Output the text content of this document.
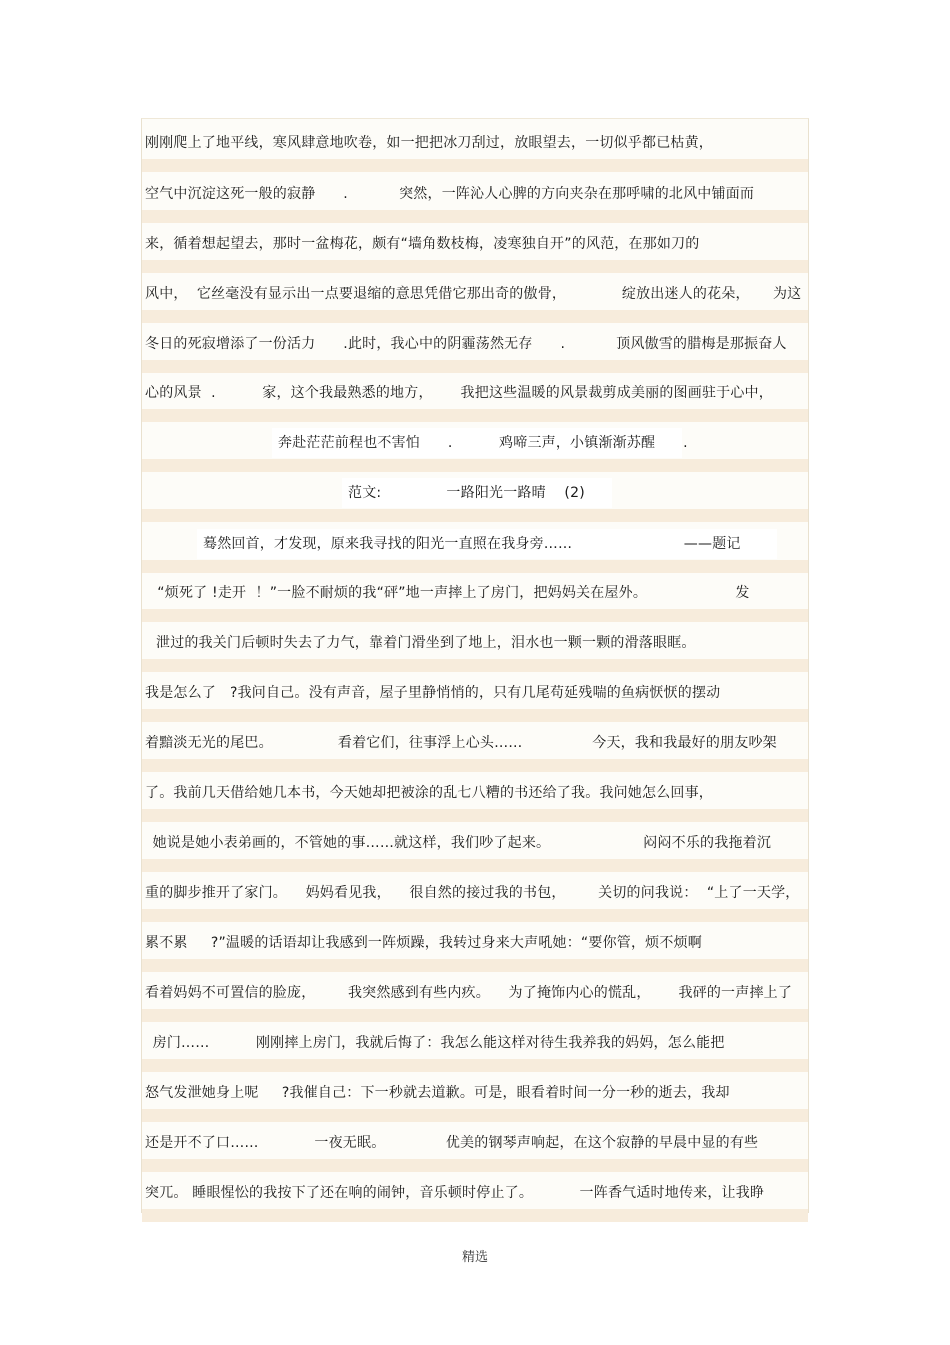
刚刚爬上了地平线，寒风肆意地吹卷，如一把把冰刀刮过，放眼望去，一切似乎都已枯黄，
空气中沉淀这死一般的寂静      .           突然，一阵沁人心脾的方向夹杂在那呼啸的北风中铺面而
来，循着想起望去，那时一盆梅花，颇有“墙角数枝梅，凌寒独自开”的风范，在那如刀的
风中，  它丝毫没有显示出一点要退缩的意思凭借它那出奇的傲骨，            绽放出迷人的花朵，     为这
冬日的死寂增添了一份活力      .此时，我心中的阴霾荡然无存      .           顶风傲雪的腊梅是那振奋人
心的风景  .          家，这个我最熟悉的地方，      我把这些温暖的风景裁剪成美丽的图画驻于心中，
奔赴茫茫前程也不害怕      .          鸡啼三声，小镇渐渐苏醒      .
范文:              一路阳光一路晴    (2)
蓦然回首，才发现，原来我寻找的阳光一直照在我身旁……                        ——题记
“烦死了 !走开  ！”一脸不耐烦的我“砰”地一声摔上了房门，把妈妈关在屋外。                   发
泄过的我关门后顿时失去了力气，靠着门滑坐到了地上，泪水也一颗一颗的滑落眼眶。
我是怎么了   ?我问自己。没有声音，屋子里静悄悄的，只有几尾苟延残喘的鱼病恹恹的摆动
着黯淡无光的尾巴。              看着它们，往事浮上心头……               今天，我和我最好的朋友吵架
了。我前几天借给她几本书，今天她却把被涂的乱七八糟的书还给了我。我问她怎么回事，
她说是她小表弟画的，不管她的事……就这样，我们吵了起来。                    闷闷不乐的我拖着沉
重的脚步推开了家门。    妈妈看见我，    很自然的接过我的书包，       关切的问我说：  “上了一天学，
累不累     ?”温暖的话语却让我感到一阵烦躁，我转过身来大声吼她：“要你管，烦不烦啊
看着妈妈不可置信的脸庞，       我突然感到有些内疚。    为了掩饰内心的慌乱，      我砰的一声摔上了
房门……          刚刚摔上房门，我就后悔了：我怎么能这样对待生我养我的妈妈，怎么能把
怒气发泄她身上呢     ?我催自己：下一秒就去道歉。可是，眼看着时间一分一秒的逝去，我却
还是开不了口……            一夜无眠。             优美的钢琴声响起，在这个寂静的早晨中显的有些
突兀。 睡眼惺忪的我按下了还在响的闹钟，音乐顿时停止了。          一阵香气适时地传来，让我睁
精选
